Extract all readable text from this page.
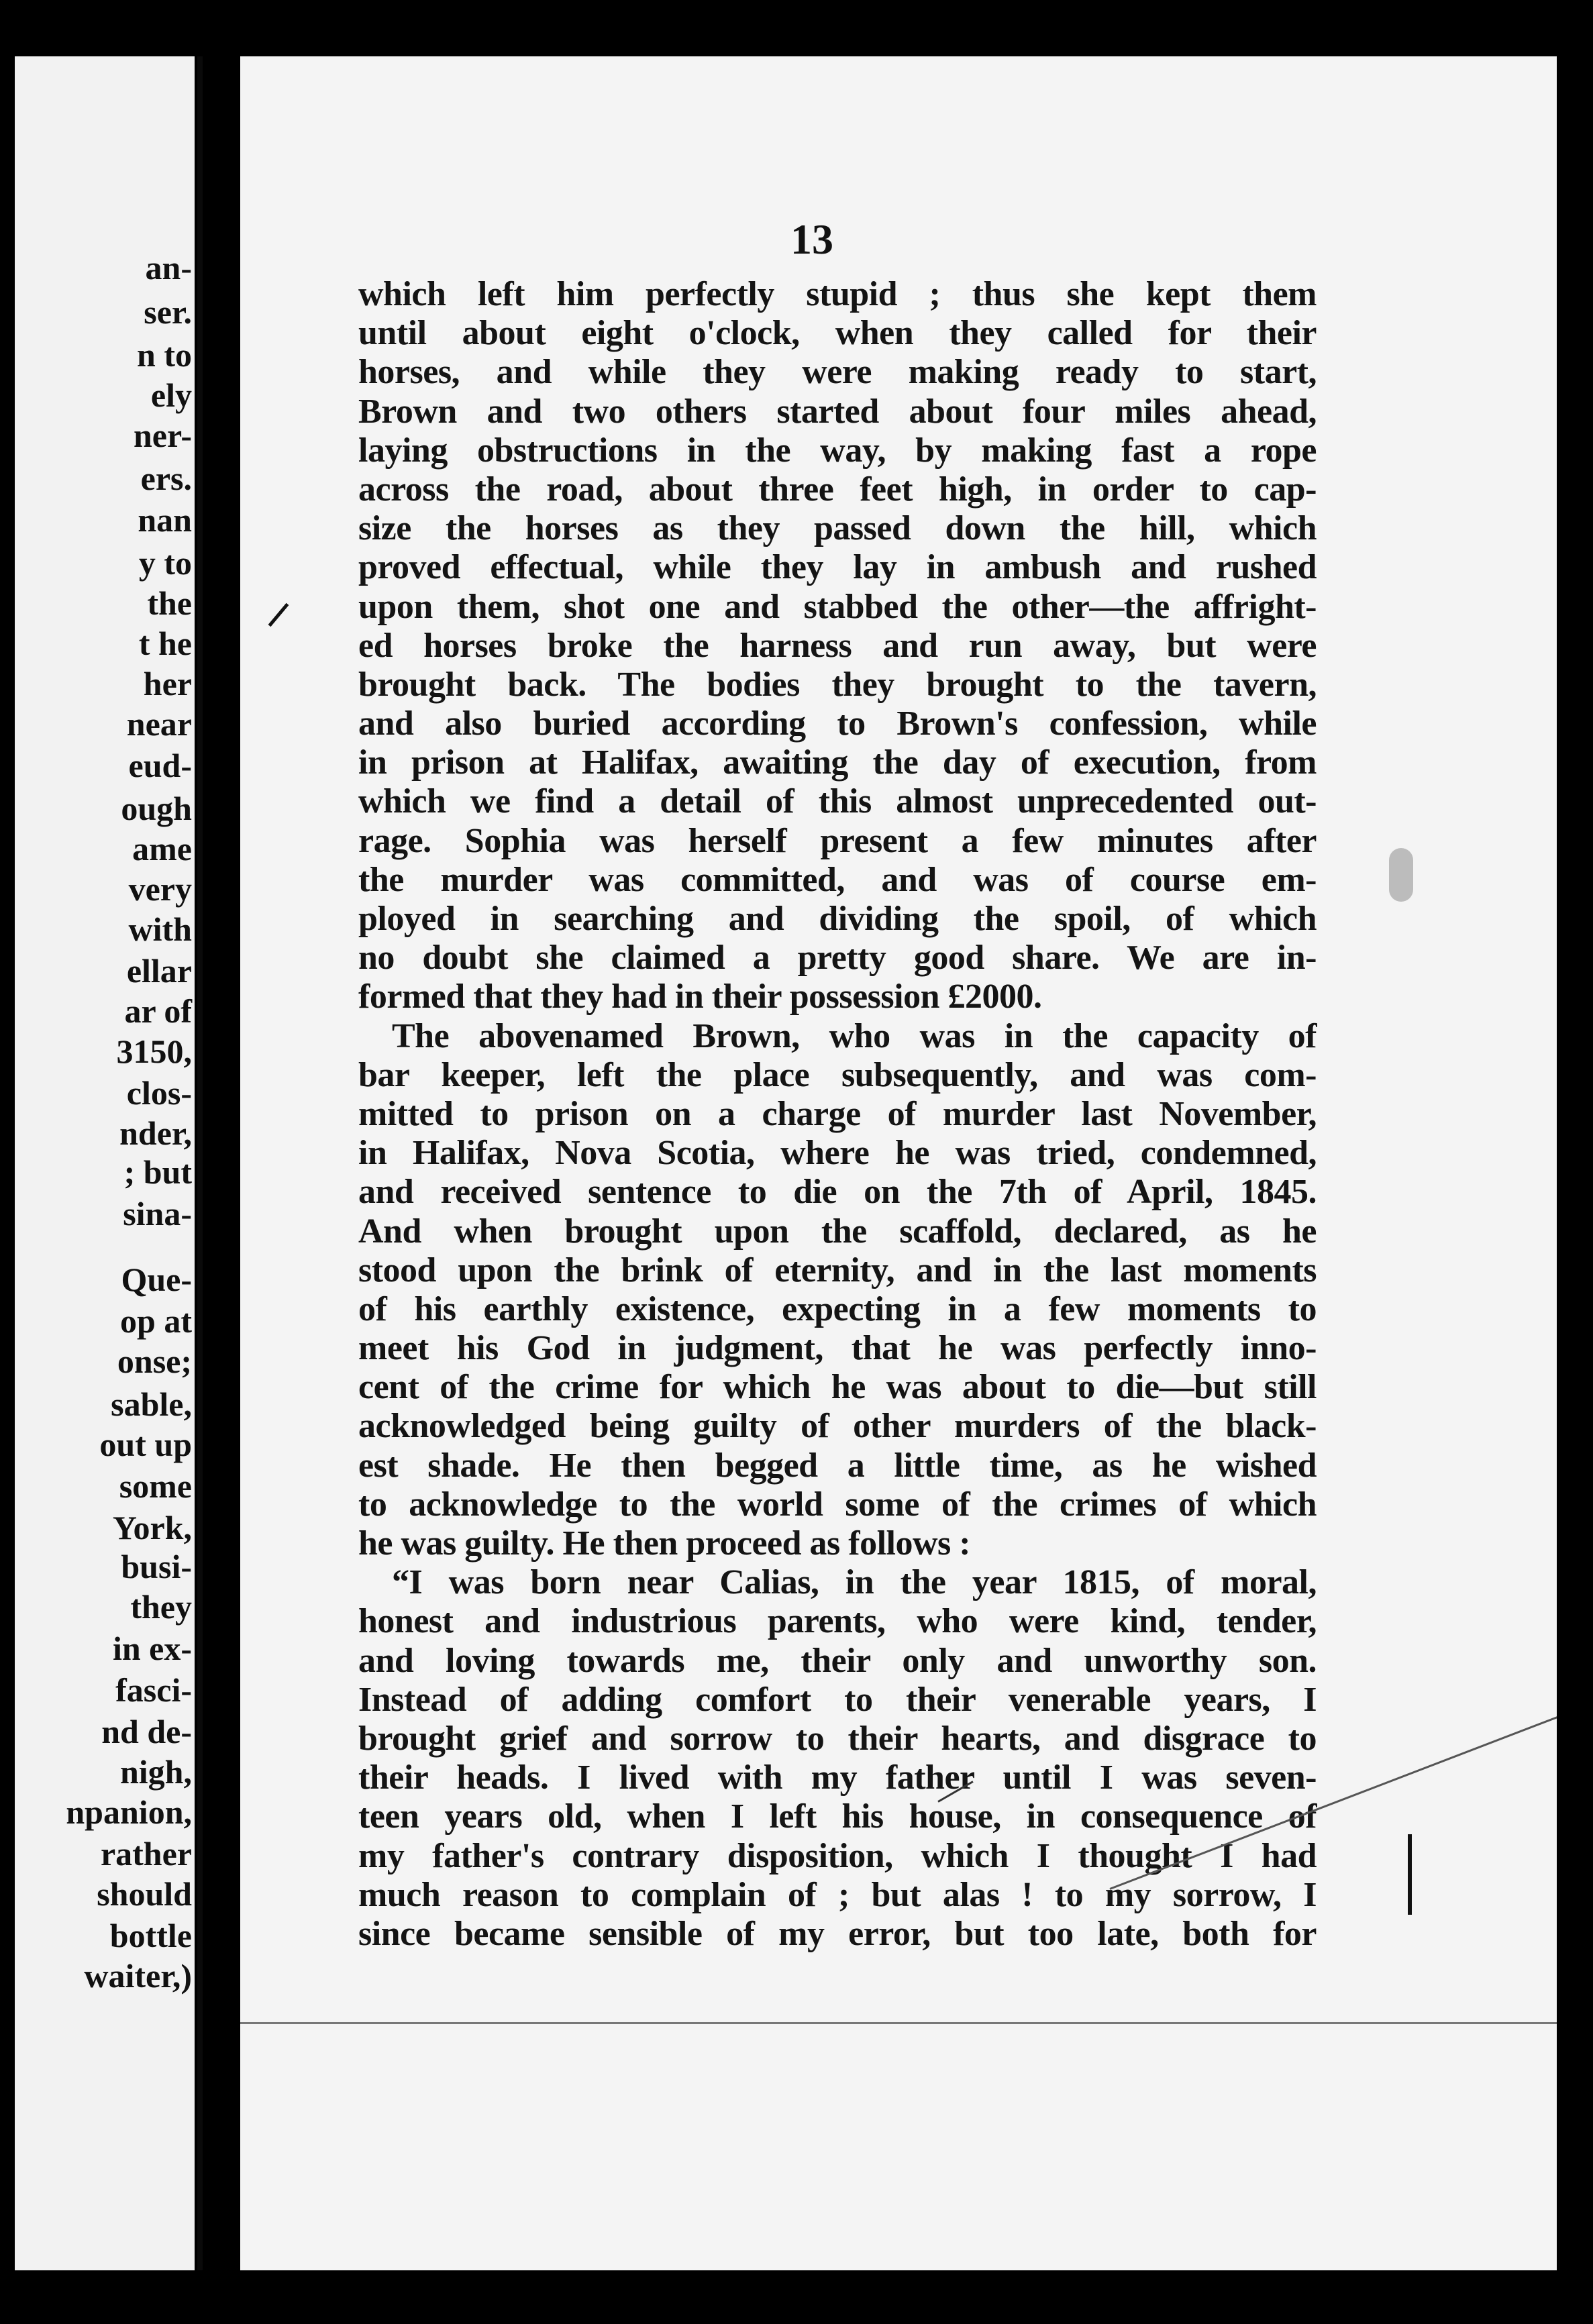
an-

ser.

n to

ely

ner-

ers.

nan

y to

the

t he

her

near

eud-

ough

ame

very

with

ellar

ar of

3150,

clos-

nder,

; but

sina-

Que-

op at

onse;

sable,

out up

some

York,

busi-

they

in ex-

fasci-

nd de-

nigh,

npanion,

rather

should

bottle

waiter,)

13

which left him perfectly stupid ; thus she kept them

until about eight o'clock, when they called for their

horses, and while they were making ready to start,

Brown and two others started about four miles ahead,

laying obstructions in the way, by making fast a rope

across the road, about three feet high, in order to cap-

size the horses as they passed down the hill, which

proved effectual, while they lay in ambush and rushed

upon them, shot one and stabbed the other—the affright-

ed horses broke the harness and run away, but were

brought back. The bodies they brought to the tavern,

and also buried according to Brown's confession, while

in prison at Halifax, awaiting the day of execution, from

which we find a detail of this almost unprecedented out-

rage. Sophia was herself present a few minutes after

the murder was committed, and was of course em-

ployed in searching and dividing the spoil, of which

no doubt she claimed a pretty good share. We are in-

formed that they had in their possession £2000.

The abovenamed Brown, who was in the capacity of

bar keeper, left the place subsequently, and was com-

mitted to prison on a charge of murder last November,

in Halifax, Nova Scotia, where he was tried, condemned,

and received sentence to die on the 7th of April, 1845.

And when brought upon the scaffold, declared, as he

stood upon the brink of eternity, and in the last moments

of his earthly existence, expecting in a few moments to

meet his God in judgment, that he was perfectly inno-

cent of the crime for which he was about to die—but still

acknowledged being guilty of other murders of the black-

est shade. He then begged a little time, as he wished

to acknowledge to the world some of the crimes of which

he was guilty. He then proceed as follows :

“I was born near Calias, in the year 1815, of moral,

honest and industrious parents, who were kind, tender,

and loving towards me, their only and unworthy son.

Instead of adding comfort to their venerable years, I

brought grief and sorrow to their hearts, and disgrace to

their heads. I lived with my father until I was seven-

teen years old, when I left his house, in consequence of

my father's contrary disposition, which I thought I had

much reason to complain of ; but alas ! to my sorrow, I

since became sensible of my error, but too late, both for
